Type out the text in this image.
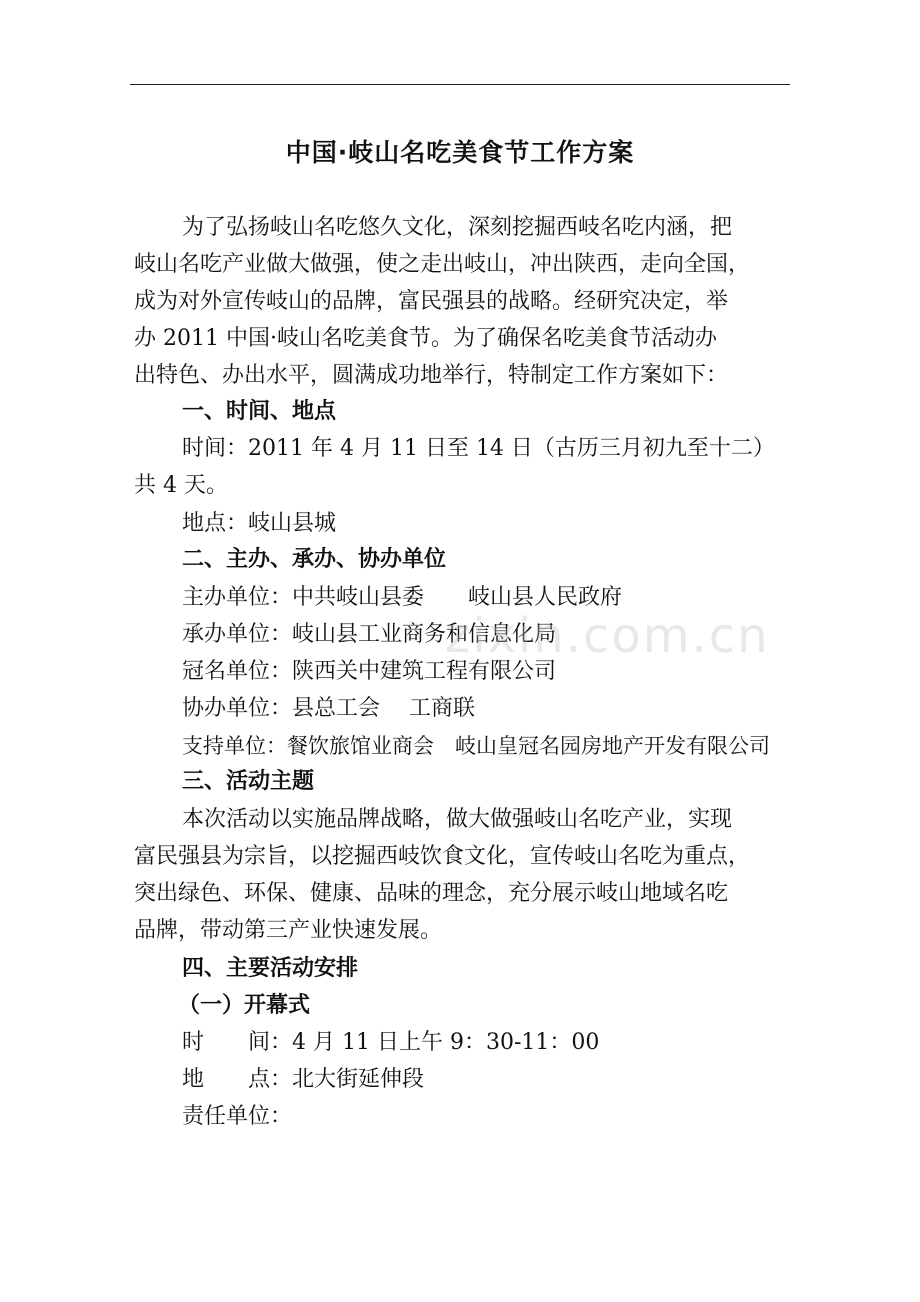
中国·岐山名吃美食节工作方案
为了弘扬岐山名吃悠久文化，深刻挖掘西岐名吃内涵，把
岐山名吃产业做大做强，使之走出岐山，冲出陕西，走向全国，
成为对外宣传岐山的品牌，富民强县的战略。经研究决定，举
办 2011 中国·岐山名吃美食节。为了确保名吃美食节活动办
出特色、办出水平，圆满成功地举行，特制定工作方案如下：
一、时间、地点
时间：2011 年 4 月 11 日至 14 日（古历三月初九至十二）
共 4 天。
地点：岐山县城
二、主办、承办、协办单位
主办单位：中共岐山县委　　岐山县人民政府
承办单位：岐山县工业商务和信息化局
冠名单位：陕西关中建筑工程有限公司
协办单位：县总工会　 工商联
支持单位：餐饮旅馆业商会　岐山皇冠名园房地产开发有限公司
三、活动主题
本次活动以实施品牌战略，做大做强岐山名吃产业，实现
富民强县为宗旨，以挖掘西岐饮食文化，宣传岐山名吃为重点，
突出绿色、环保、健康、品味的理念，充分展示岐山地域名吃
品牌，带动第三产业快速发展。
四、主要活动安排
（一）开幕式
时　　间：4 月 11 日上午 9：30-11：00
地　　点：北大街延伸段
责任单位：
zixin.com.cn
